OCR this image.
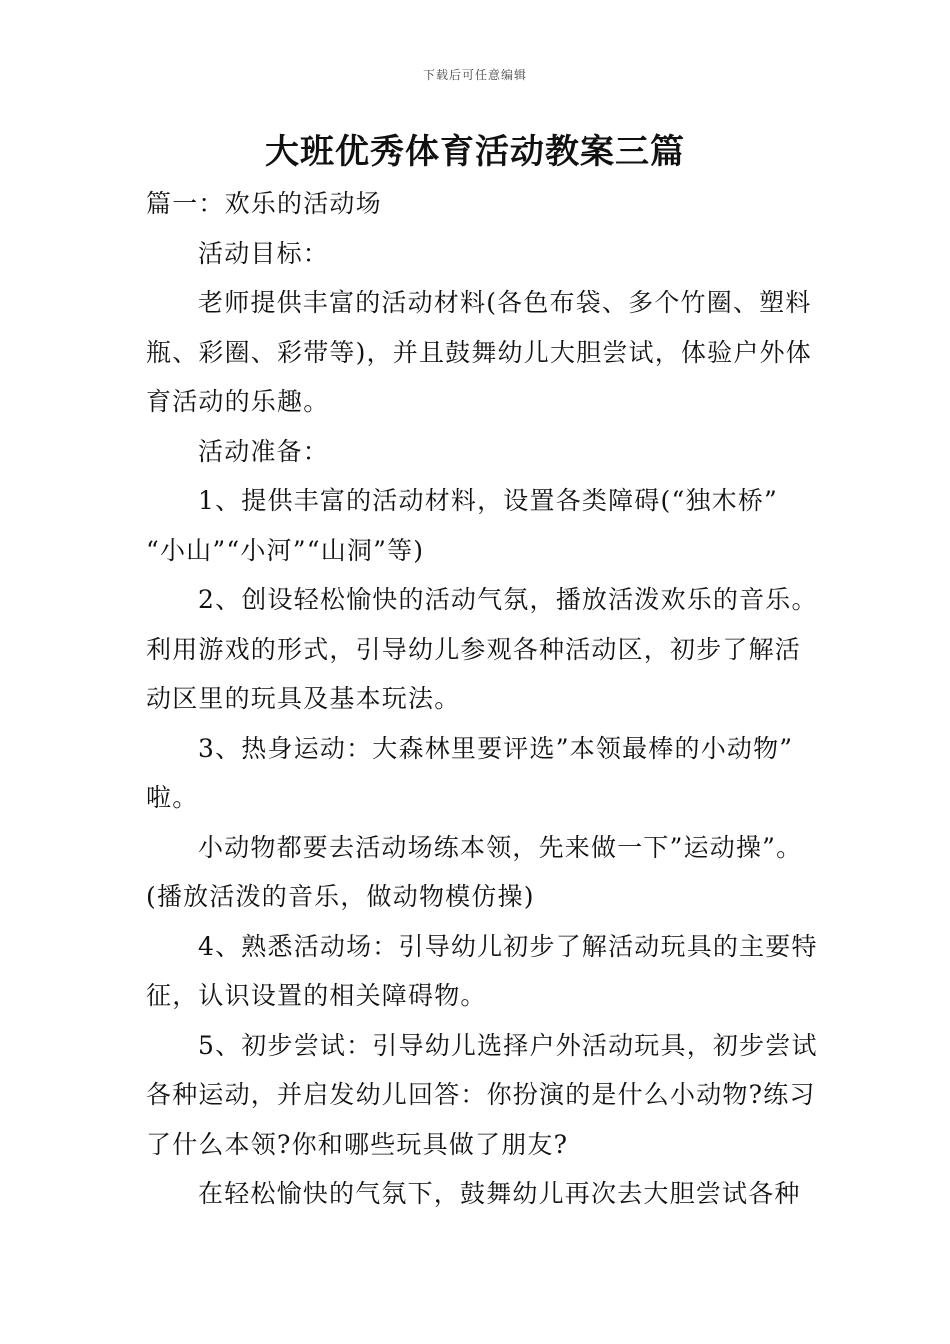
下载后可任意编辑
大班优秀体育活动教案三篇

篇一：欢乐的活动场

活动目标：

老师提供丰富的活动材料(各色布袋、多个竹圈、塑料

瓶、彩圈、彩带等)，并且鼓舞幼儿大胆尝试，体验户外体

育活动的乐趣。

活动准备：

1、提供丰富的活动材料，设置各类障碍(“独木桥”

“小山”“小河”“山洞”等)

2、创设轻松愉快的活动气氛，播放活泼欢乐的音乐。

利用游戏的形式，引导幼儿参观各种活动区，初步了解活

动区里的玩具及基本玩法。

3、热身运动：大森林里要评选”本领最棒的小动物”

啦。

小动物都要去活动场练本领，先来做一下”运动操”。

(播放活泼的音乐，做动物模仿操)

4、熟悉活动场：引导幼儿初步了解活动玩具的主要特

征，认识设置的相关障碍物。

5、初步尝试：引导幼儿选择户外活动玩具，初步尝试

各种运动，并启发幼儿回答：你扮演的是什么小动物?练习

了什么本领?你和哪些玩具做了朋友?

在轻松愉快的气氛下，鼓舞幼儿再次去大胆尝试各种
